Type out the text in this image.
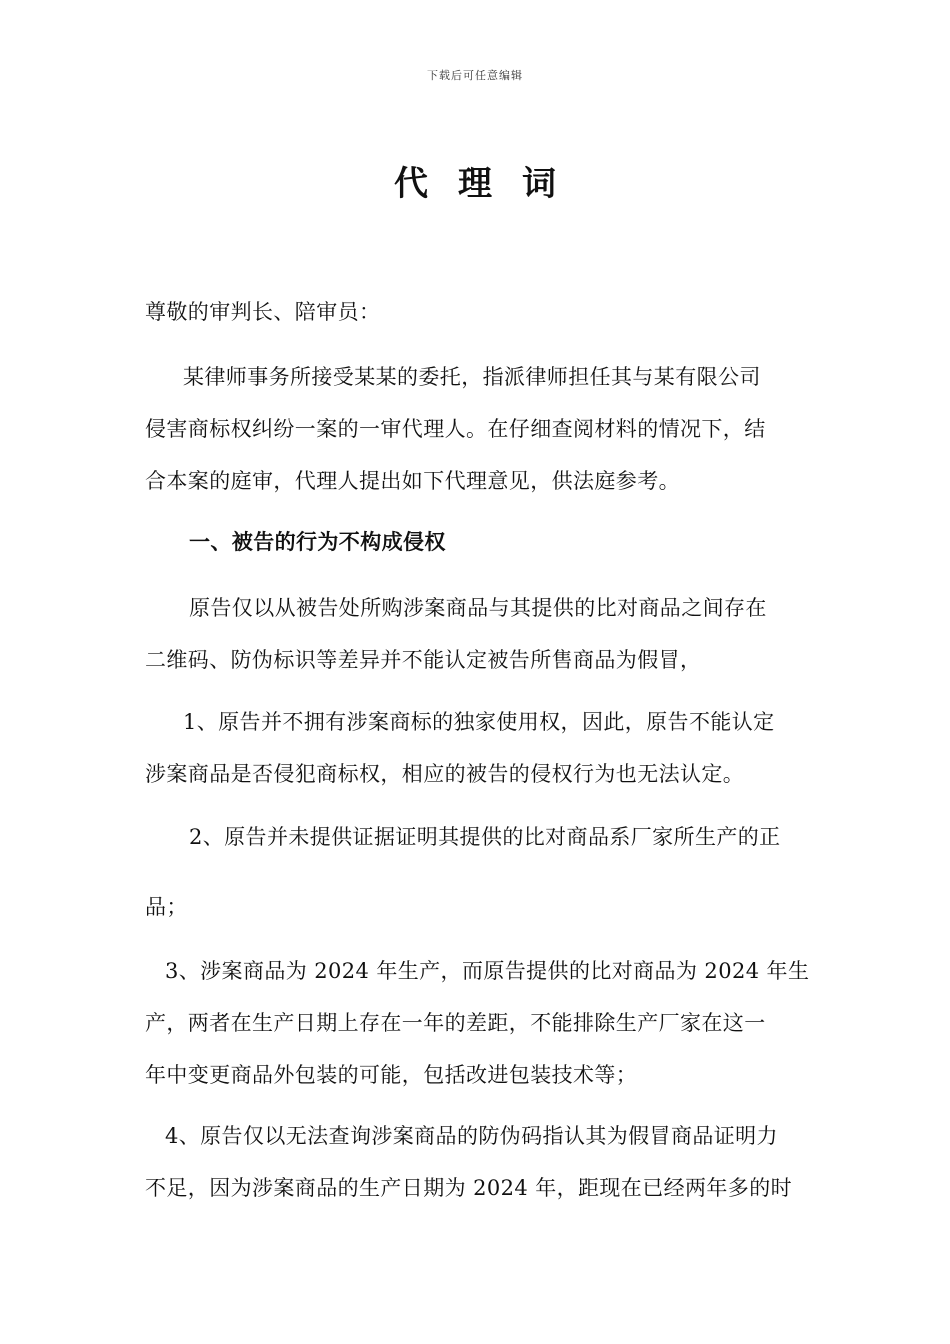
下载后可任意编辑
代理词
尊敬的审判长、陪审员：
某律师事务所接受某某的委托，指派律师担任其与某有限公司
侵害商标权纠纷一案的一审代理人。在仔细查阅材料的情况下，结
合本案的庭审，代理人提出如下代理意见，供法庭参考。
一、被告的行为不构成侵权
原告仅以从被告处所购涉案商品与其提供的比对商品之间存在
二维码、防伪标识等差异并不能认定被告所售商品为假冒，
1、原告并不拥有涉案商标的独家使用权，因此，原告不能认定
涉案商品是否侵犯商标权，相应的被告的侵权行为也无法认定。
2、原告并未提供证据证明其提供的比对商品系厂家所生产的正
品；
3、涉案商品为 2024 年生产，而原告提供的比对商品为 2024 年生
产，两者在生产日期上存在一年的差距，不能排除生产厂家在这一
年中变更商品外包装的可能，包括改进包装技术等；
4、原告仅以无法查询涉案商品的防伪码指认其为假冒商品证明力
不足，因为涉案商品的生产日期为 2024 年，距现在已经两年多的时
